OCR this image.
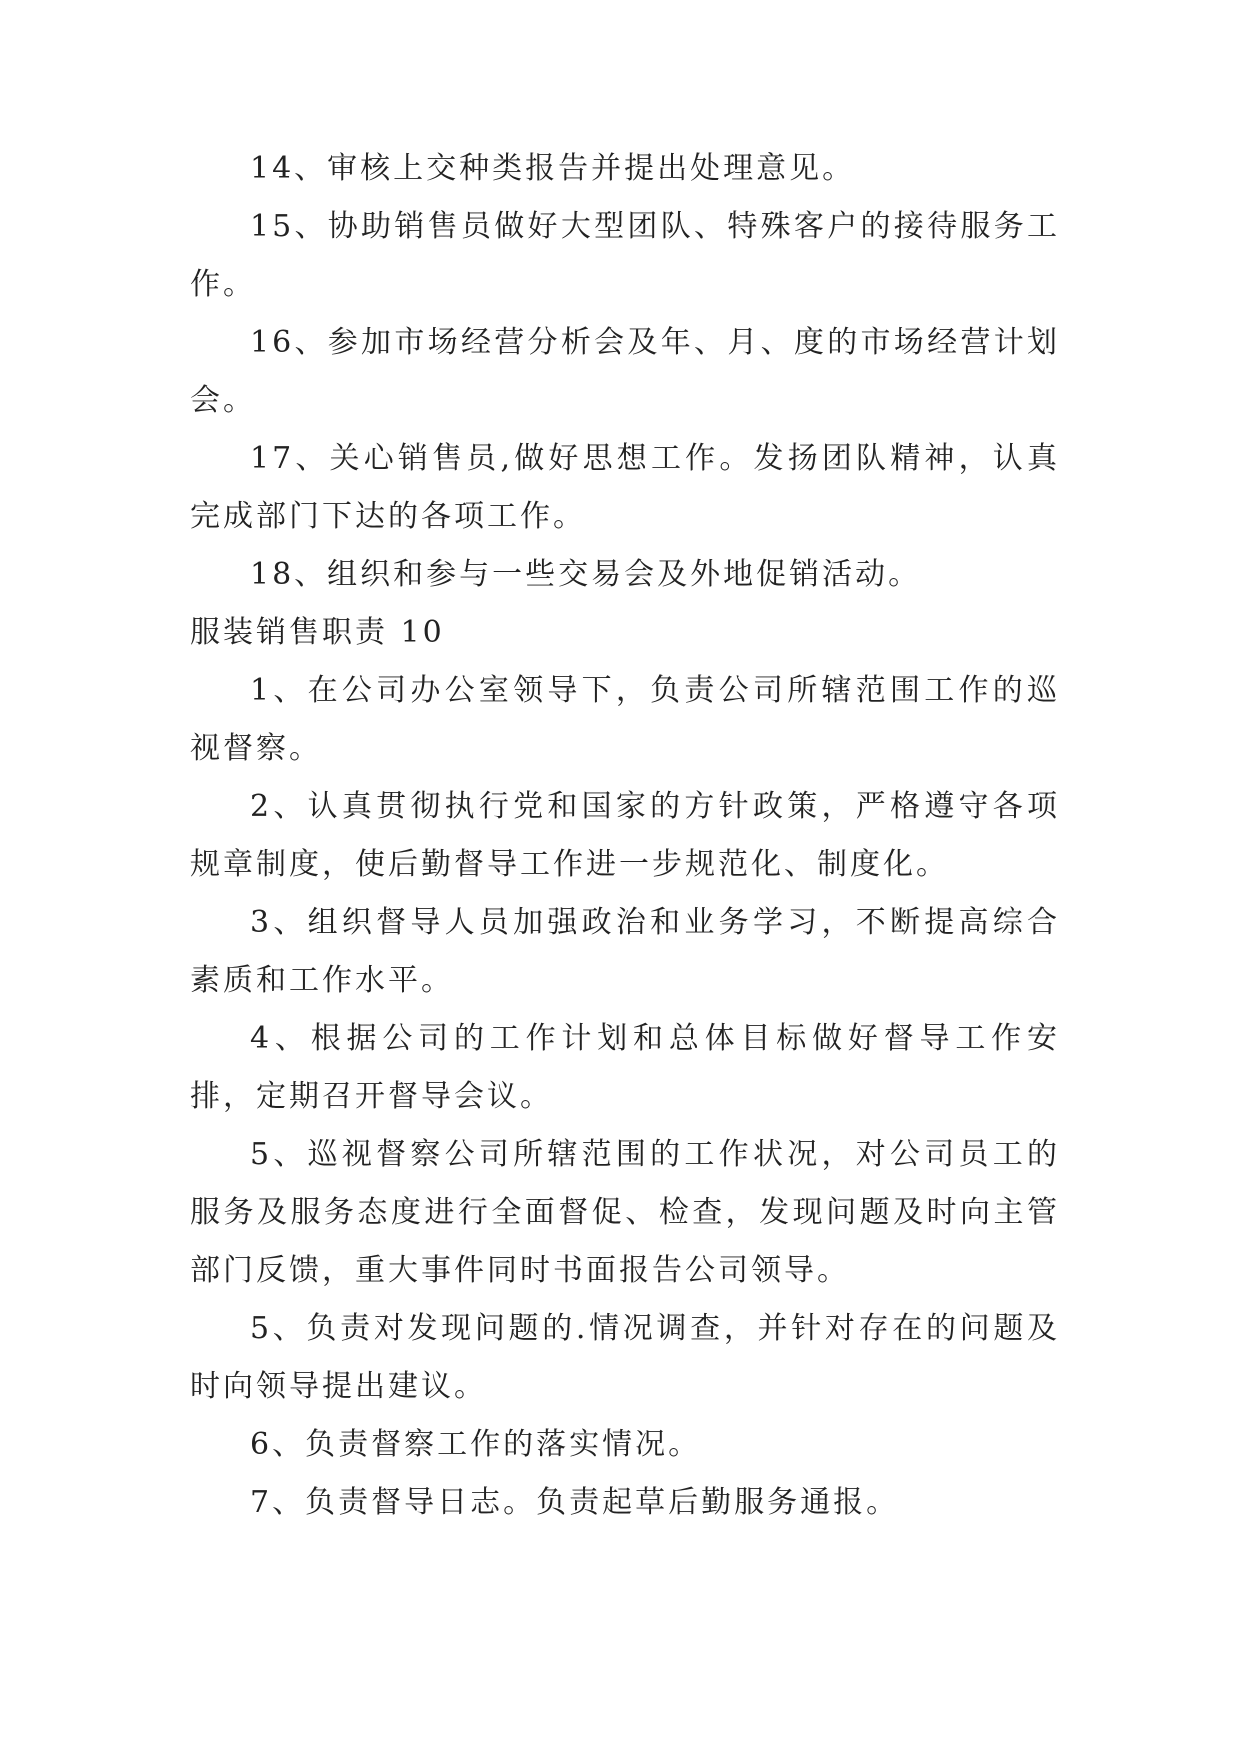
14、审核上交种类报告并提出处理意见。

15、协助销售员做好大型团队、特殊客户的接待服务工作。

16、参加市场经营分析会及年、月、度的市场经营计划会。

17、关心销售员,做好思想工作。发扬团队精神，认真完成部门下达的各项工作。

18、组织和参与一些交易会及外地促销活动。

服装销售职责 10

1、在公司办公室领导下，负责公司所辖范围工作的巡视督察。

2、认真贯彻执行党和国家的方针政策，严格遵守各项规章制度，使后勤督导工作进一步规范化、制度化。

3、组织督导人员加强政治和业务学习，不断提高综合素质和工作水平。

4、根据公司的工作计划和总体目标做好督导工作安排，定期召开督导会议。

5、巡视督察公司所辖范围的工作状况，对公司员工的服务及服务态度进行全面督促、检查，发现问题及时向主管部门反馈，重大事件同时书面报告公司领导。

5、负责对发现问题的.情况调查，并针对存在的问题及时向领导提出建议。

6、负责督察工作的落实情况。

7、负责督导日志。负责起草后勤服务通报。
